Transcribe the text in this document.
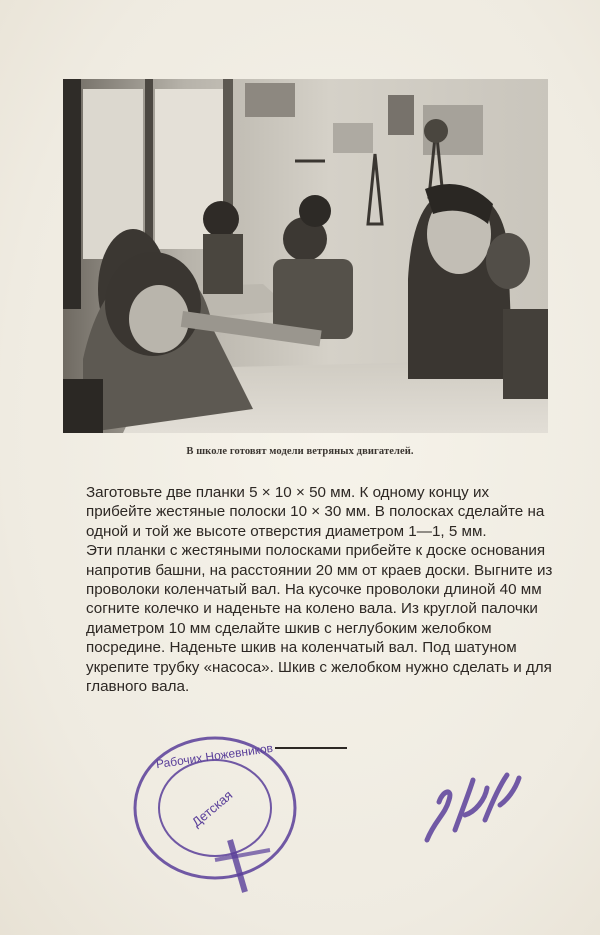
В школе готовят модели ветряных двигателей.

Заготовьте две планки 5 × 10 × 50 мм. К одному концу их прибейте жестяные полоски 10 × 30 мм. В полосках сделайте на одной и той же высоте отверстия диаметром 1—1, 5 мм.

Эти планки с жестяными полосками прибейте к доске основания напротив башни, на расстоянии 20 мм от краев доски. Выгните из проволоки коленчатый вал. На кусочке проволоки длиной 40 мм согните колечко и наденьте на колено вала. Из круглой палочки диаметром 10 мм сделайте шкив с неглубоким желобком посредине. Наденьте шкив на коленчатый вал. Под шатуном укрепите трубку «насоса». Шкив с желобком нужно сделать и для главного вала.

Рабочих Ножевников
Детская
